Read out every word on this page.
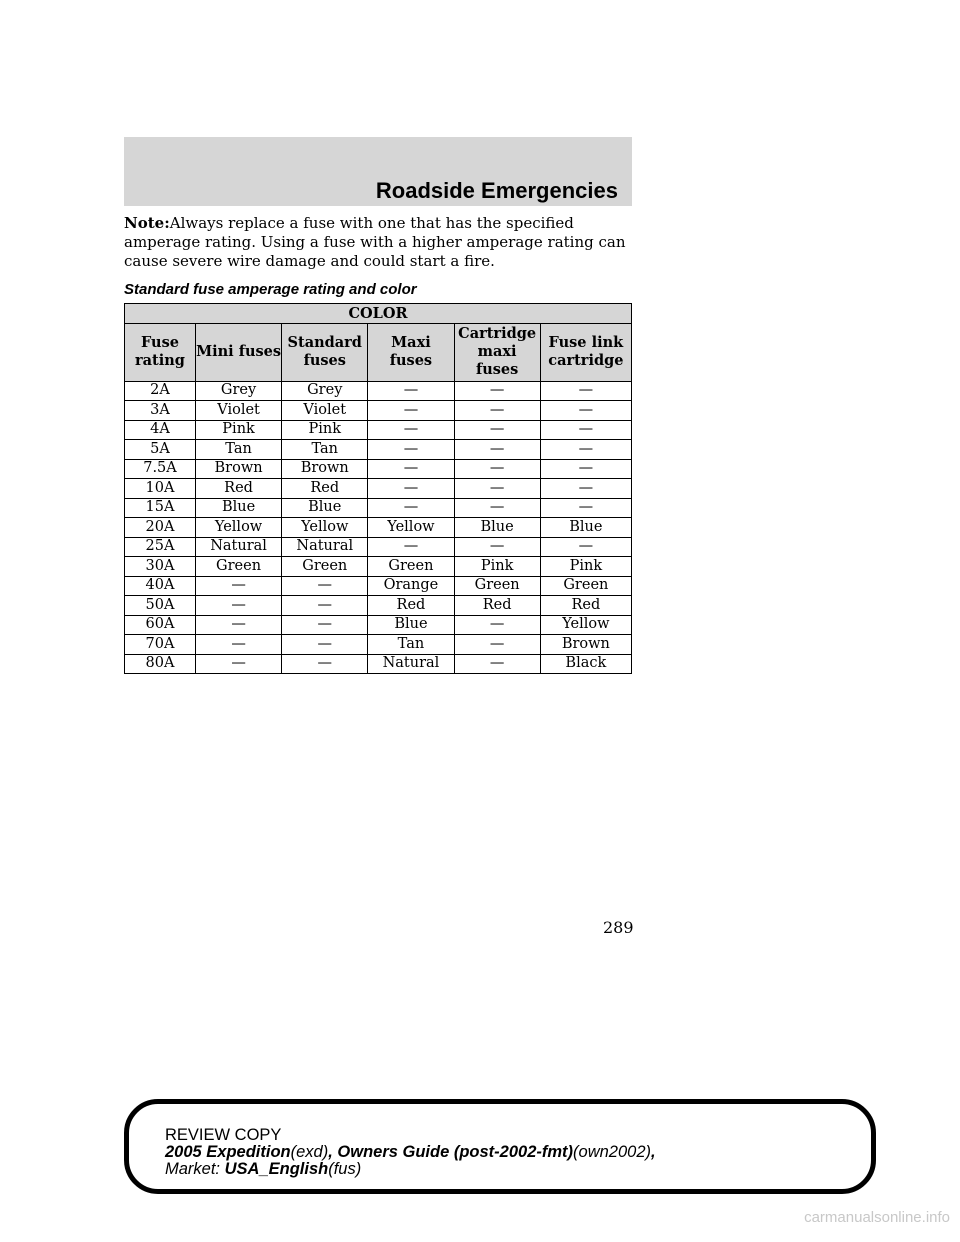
Roadside Emergencies
Note:Always replace a fuse with one that has the specified amperage rating. Using a fuse with a higher amperage rating can cause severe wire damage and could start a fire.
Standard fuse amperage rating and color
COLOR					
Fuse rating	Mini fuses	Standard fuses	Maxi fuses	Cartridge maxi fuses	Fuse link cartridge
2A	Grey	Grey	—	—	—
3A	Violet	Violet	—	—	—
4A	Pink	Pink	—	—	—
5A	Tan	Tan	—	—	—
7.5A	Brown	Brown	—	—	—
10A	Red	Red	—	—	—
15A	Blue	Blue	—	—	—
20A	Yellow	Yellow	Yellow	Blue	Blue
25A	Natural	Natural	—	—	—
30A	Green	Green	Green	Pink	Pink
40A	—	—	Orange	Green	Green
50A	—	—	Red	Red	Red
60A	—	—	Blue	—	Yellow
70A	—	—	Tan	—	Brown
80A	—	—	Natural	—	Black
289
REVIEW COPY
2005 Expedition(exd), Owners Guide (post-2002-fmt)(own2002),
Market: USA_English(fus)
carmanualsonline.info
